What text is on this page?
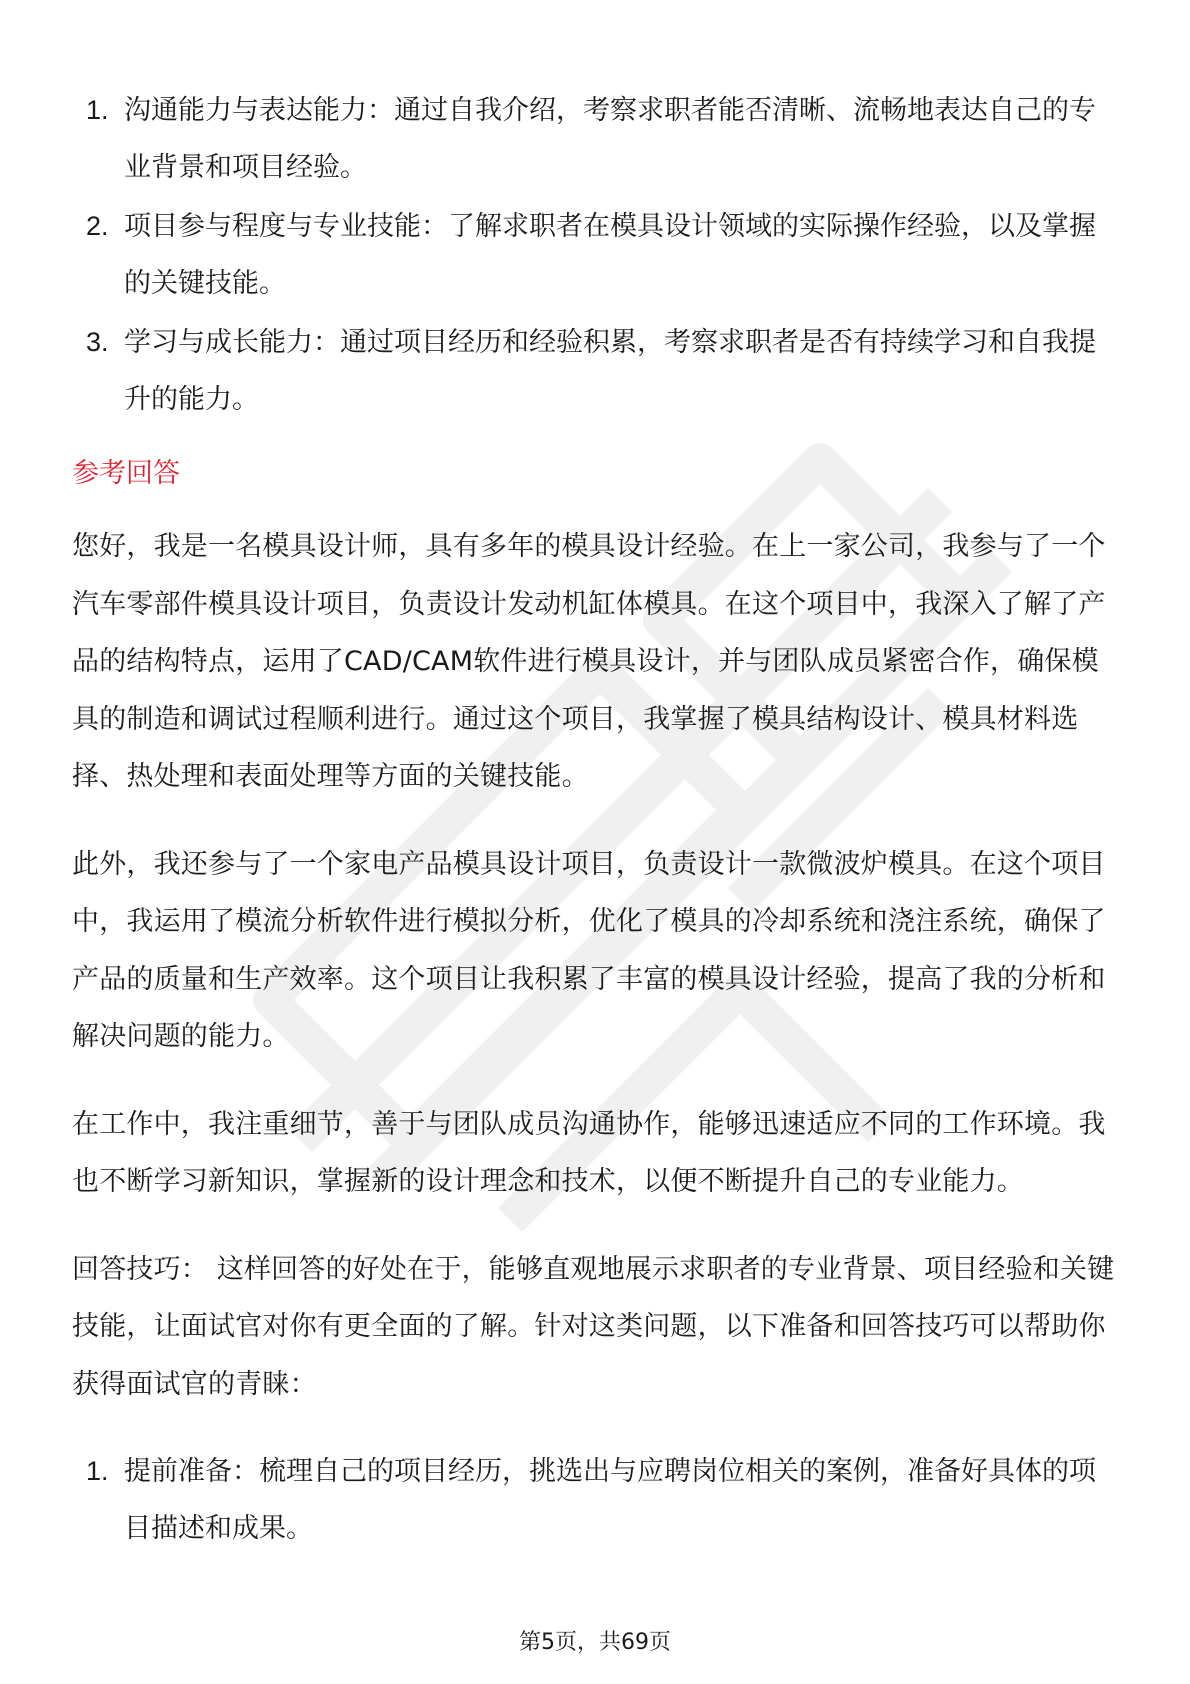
1. 沟通能力与表达能力：通过自我介绍，考察求职者能否清晰、流畅地表达自己的专业背景和项目经验。
2. 项目参与程度与专业技能：了解求职者在模具设计领域的实际操作经验，以及掌握的关键技能。
3. 学习与成长能力：通过项目经历和经验积累，考察求职者是否有持续学习和自我提升的能力。
参考回答

您好，我是一名模具设计师，具有多年的模具设计经验。在上一家公司，我参与了一个汽车零部件模具设计项目，负责设计发动机缸体模具。在这个项目中，我深入了解了产品的结构特点，运用了CAD/CAM软件进行模具设计，并与团队成员紧密合作，确保模具的制造和调试过程顺利进行。通过这个项目，我掌握了模具结构设计、模具材料选择、热处理和表面处理等方面的关键技能。

此外，我还参与了一个家电产品模具设计项目，负责设计一款微波炉模具。在这个项目中，我运用了模流分析软件进行模拟分析，优化了模具的冷却系统和浇注系统，确保了产品的质量和生产效率。这个项目让我积累了丰富的模具设计经验，提高了我的分析和解决问题的能力。

在工作中，我注重细节，善于与团队成员沟通协作，能够迅速适应不同的工作环境。我也不断学习新知识，掌握新的设计理念和技术，以便不断提升自己的专业能力。

回答技巧： 这样回答的好处在于，能够直观地展示求职者的专业背景、项目经验和关键技能，让面试官对你有更全面的了解。针对这类问题，以下准备和回答技巧可以帮助你获得面试官的青睐：

1. 提前准备：梳理自己的项目经历，挑选出与应聘岗位相关的案例，准备好具体的项目描述和成果。
第5页，共69页
